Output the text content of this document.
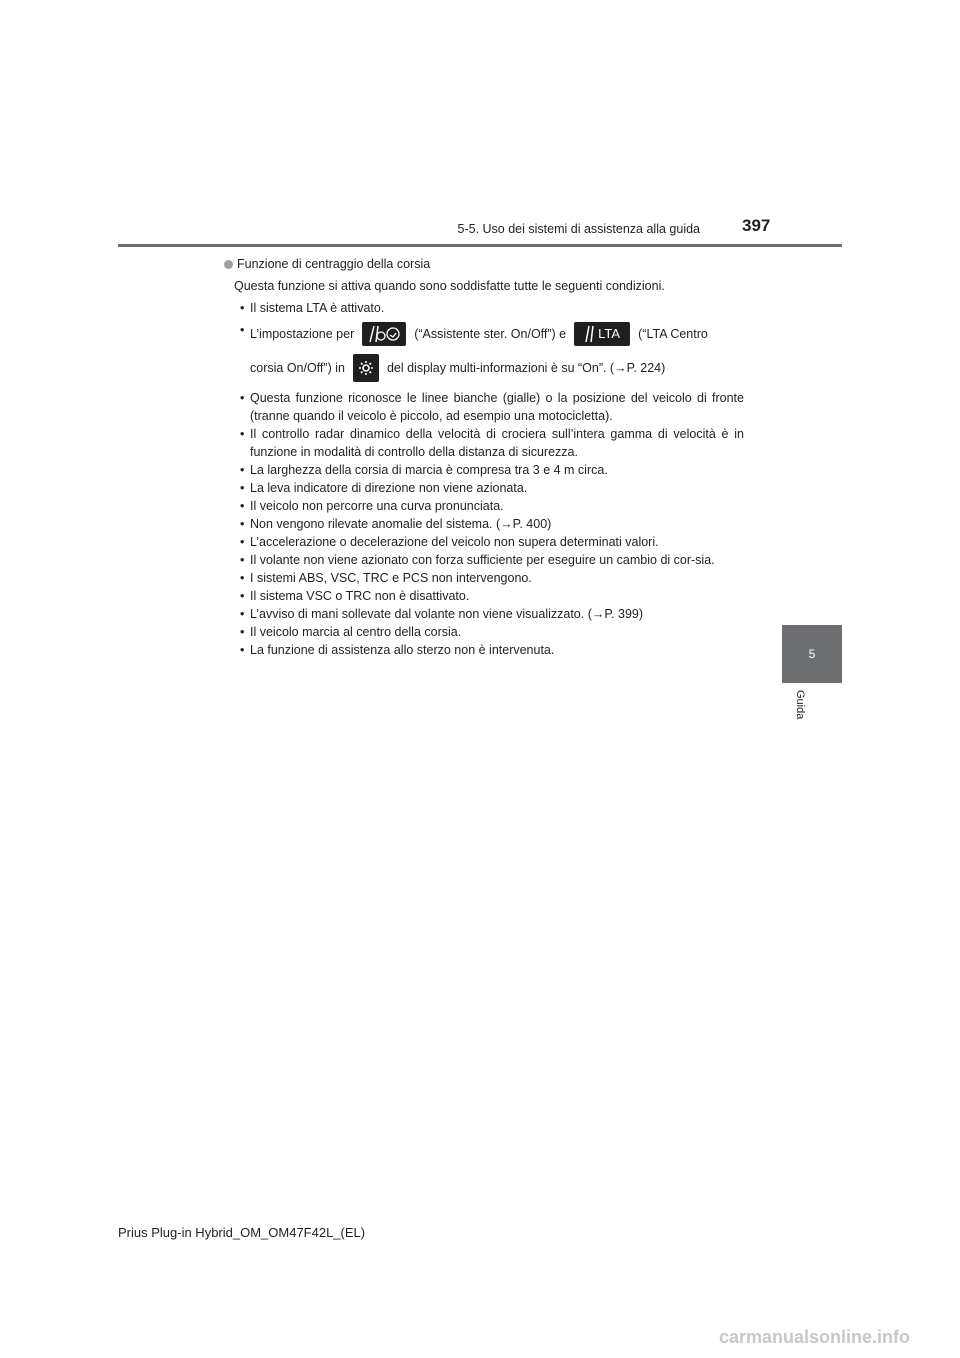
5-5. Uso dei sistemi di assistenza alla guida 397
5
Guida
Funzione di centraggio della corsia
Questa funzione si attiva quando sono soddisfatte tutte le seguenti condizioni.
• Il sistema LTA è attivato.
• L’impostazione per	(“Assistente ster. On/Off”) e LTA (“LTA Centro
corsia On/Off”) in	del display multi-informazioni è su “On”. (→P. 224)
• Questa funzione riconosce le linee bianche (gialle) o la posizione del veicolo di fronte (tranne quando il veicolo è piccolo, ad esempio una motocicletta).
• Il controllo radar dinamico della velocità di crociera sull’intera gamma di velocità è in funzione in modalità di controllo della distanza di sicurezza.
• La larghezza della corsia di marcia è compresa tra 3 e 4 m circa.
• La leva indicatore di direzione non viene azionata.
• Il veicolo non percorre una curva pronunciata.
• Non vengono rilevate anomalie del sistema. (→P. 400)
• L’accelerazione o decelerazione del veicolo non supera determinati valori.
• Il volante non viene azionato con forza sufficiente per eseguire un cambio di cor-sia.
• I sistemi ABS, VSC, TRC e PCS non intervengono.
• Il sistema VSC o TRC non è disattivato.
• L’avviso di mani sollevate dal volante non viene visualizzato. (→P. 399)
• Il veicolo marcia al centro della corsia.
• La funzione di assistenza allo sterzo non è intervenuta.
Prius Plug-in Hybrid_OM_OM47F42L_(EL)
carmanualsonline.info
